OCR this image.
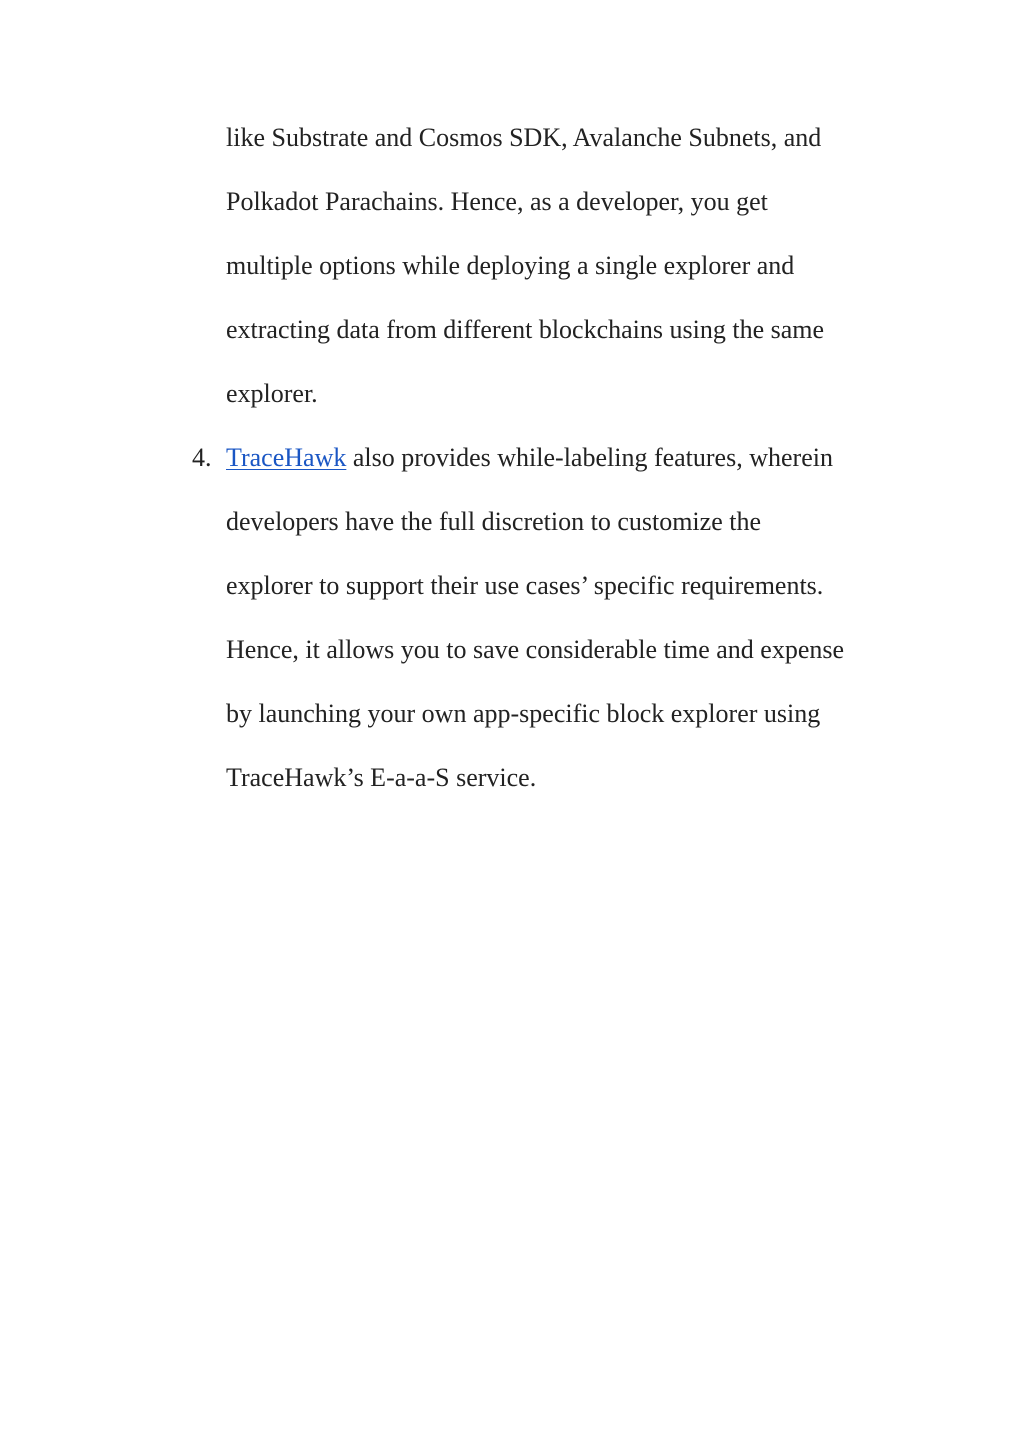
like Substrate and Cosmos SDK, Avalanche Subnets, and
Polkadot Parachains. Hence, as a developer, you get
multiple options while deploying a single explorer and
extracting data from different blockchains using the same
explorer.
4. TraceHawk also provides while-labeling features, wherein
developers have the full discretion to customize the
explorer to support their use cases’ specific requirements.
Hence, it allows you to save considerable time and expense
by launching your own app-specific block explorer using
TraceHawk’s E-a-a-S service.
